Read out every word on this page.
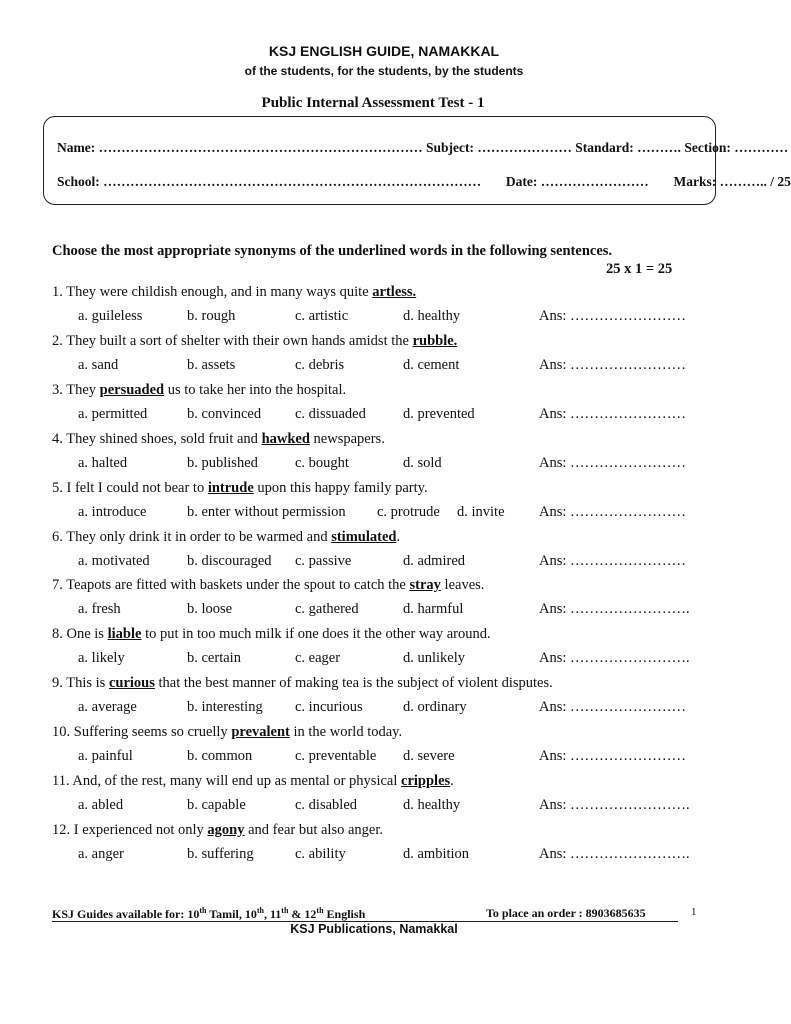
KSJ ENGLISH GUIDE, NAMAKKAL
of the students, for the students, by the students
Public Internal Assessment Test - 1
Name: ……………………………………………………………… Subject: ………………… Standard: ………. Section: …………
School: ………………………………………………………………………… Date: …………………… Marks: ……….. / 25
Choose the most appropriate synonyms of the underlined words in the following sentences.
25 x 1 = 25
1. They were childish enough, and in many ways quite artless.
a. guileless	b. rough	c. artistic	d. healthy	Ans: ……………………
2. They built a sort of shelter with their own hands amidst the rubble.
a. sand	b. assets	c. debris	d. cement	Ans: ……………………
3. They persuaded us to take her into the hospital.
a. permitted	b. convinced c. dissuaded	d. prevented	Ans: ……………………
4. They shined shoes, sold fruit and hawked newspapers.
a. halted	b. published	c. bought	d. sold	Ans: ……………………
5. I felt I could not bear to intrude upon this happy family party.
a. introduce	b. enter without permission c. protrude d. invite Ans: ……………………
6. They only drink it in order to be warmed and stimulated.
a. motivated	b. discouraged c. passive	d. admired	Ans: ……………………
7. Teapots are fitted with baskets under the spout to catch the stray leaves.
a. fresh	b. loose	c. gathered	d. harmful	Ans: …………………….
8. One is liable to put in too much milk if one does it the other way around.
a. likely	b. certain	c. eager	d. unlikely	Ans: …………………….
9. This is curious that the best manner of making tea is the subject of violent disputes.
a. average	b. interesting c. incurious	d. ordinary	Ans: ……………………
10. Suffering seems so cruelly prevalent in the world today.
a. painful	b. common	c. preventable d. severe	Ans: ……………………
11. And, of the rest, many will end up as mental or physical cripples.
a. abled	b. capable	c. disabled	d. healthy	Ans: …………………….
12. I experienced not only agony and fear but also anger.
a. anger	b. suffering	c. ability	d. ambition	Ans: …………………….
KSJ Guides available for: 10th Tamil, 10th, 11th & 12th English	To place an order : 8903685635	1
KSJ Publications, Namakkal
